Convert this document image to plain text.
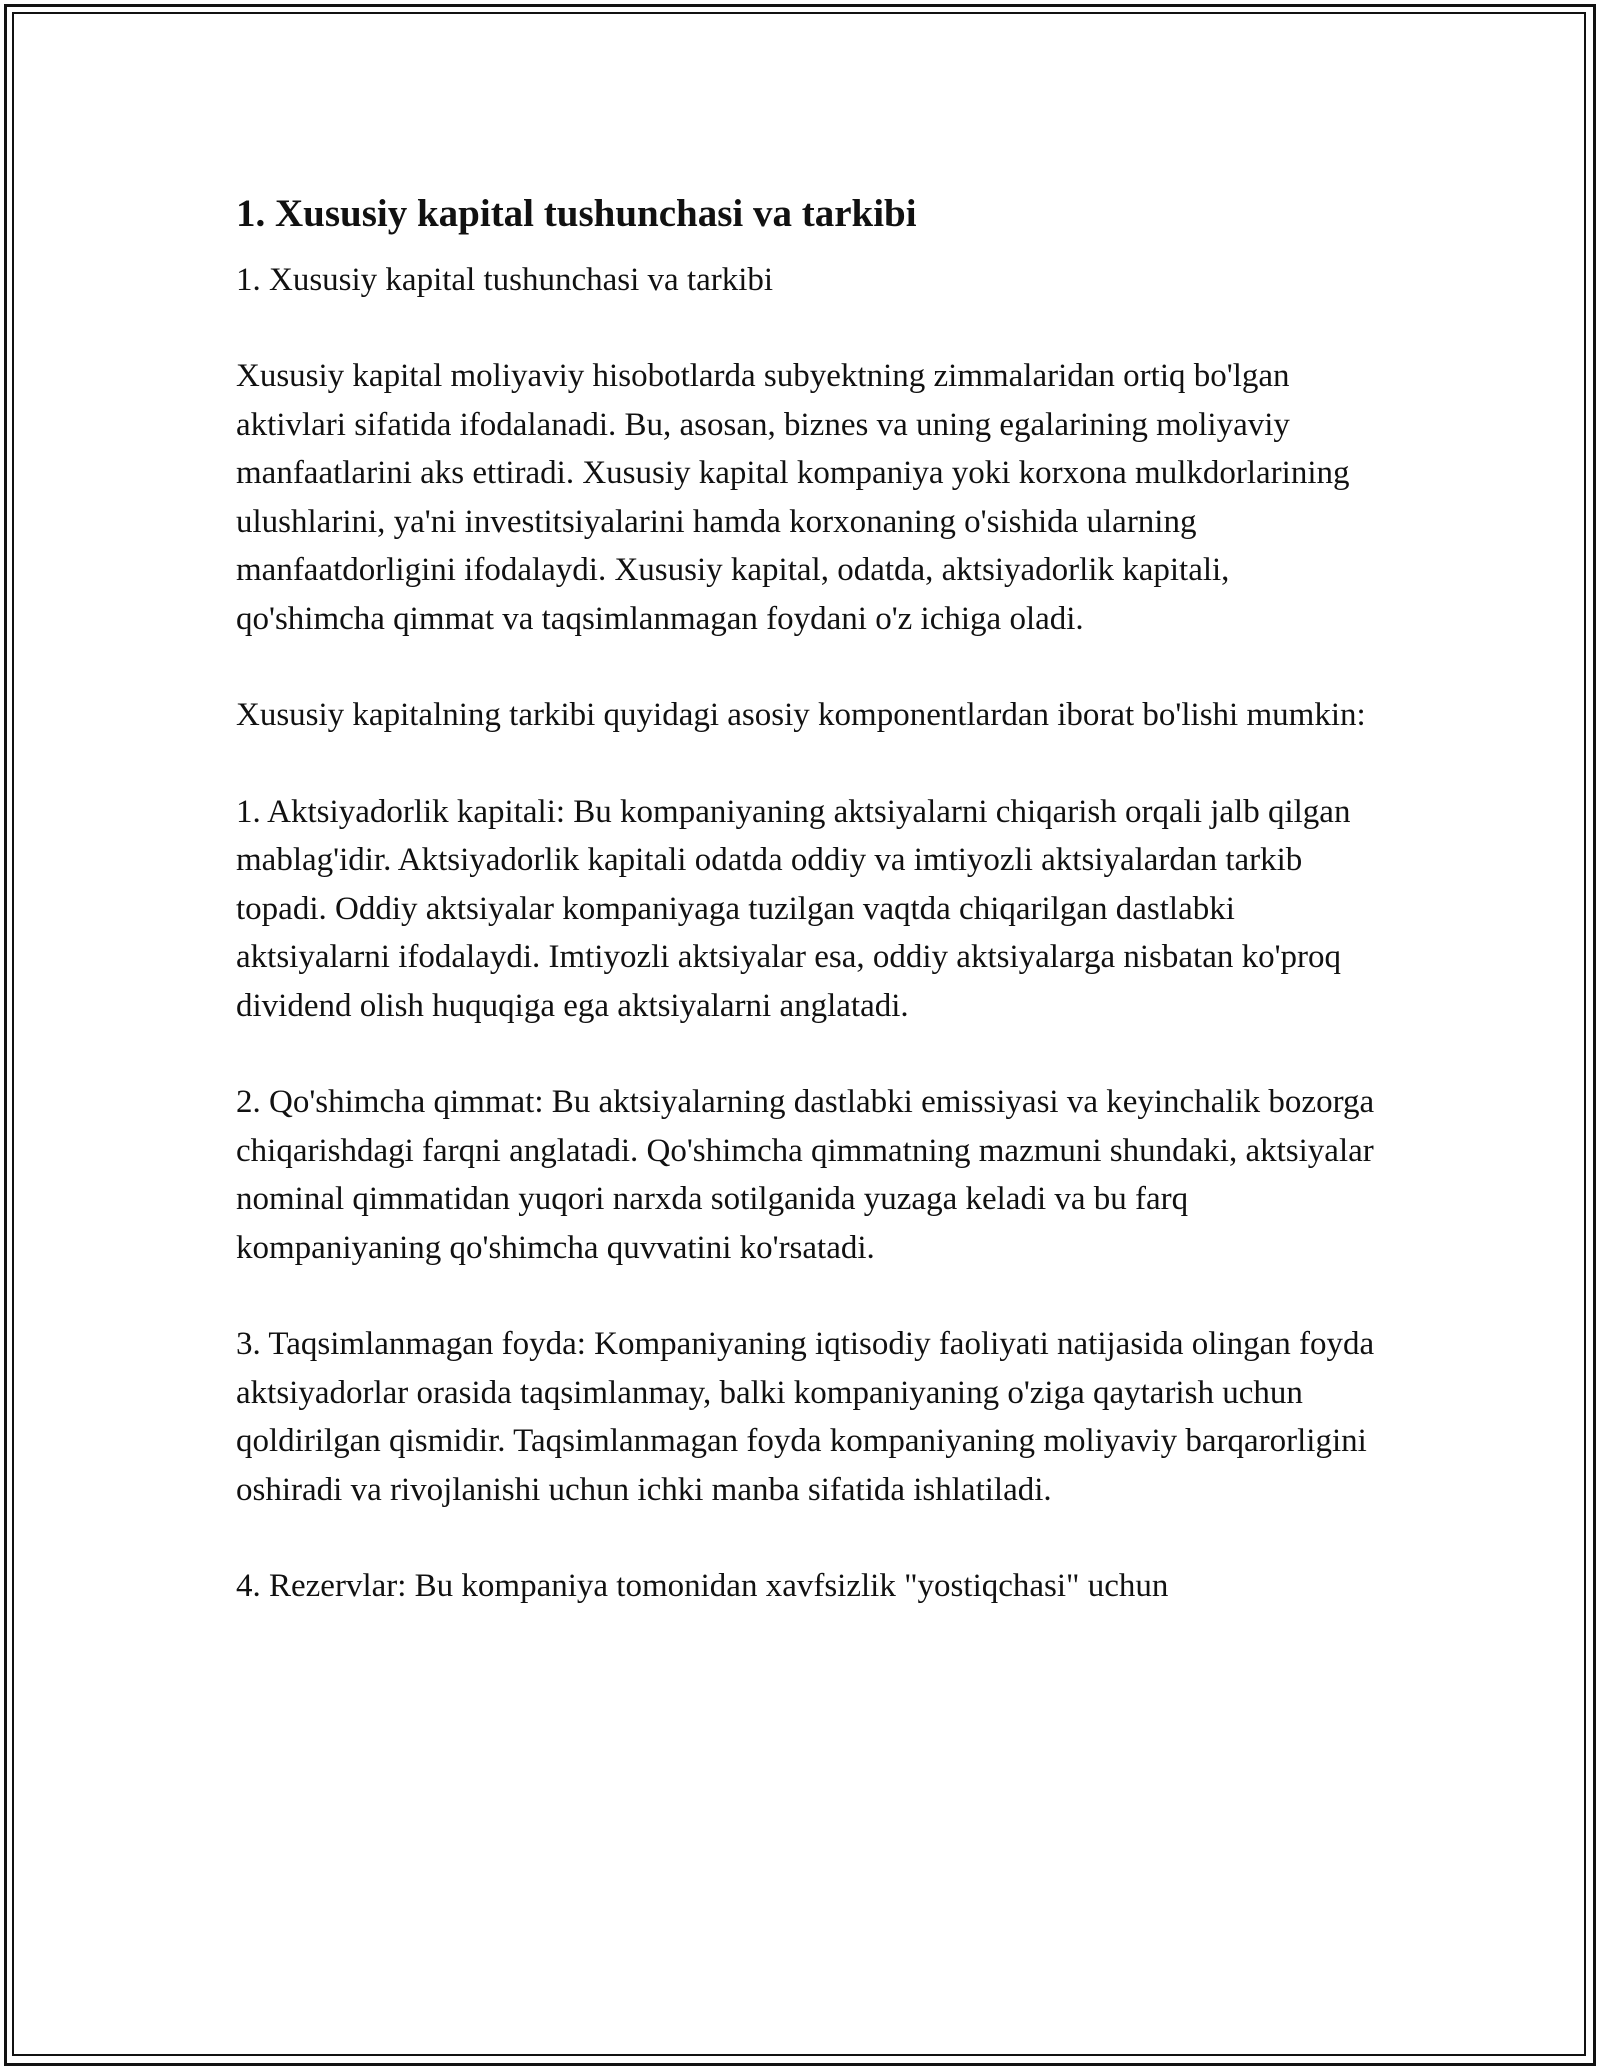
1. Xususiy kapital tushunchasi va tarkibi

1. Xususiy kapital tushunchasi va tarkibi

Xususiy kapital moliyaviy hisobotlarda subyektning zimmalaridan ortiq bo'lgan aktivlari sifatida ifodalanadi. Bu, asosan, biznes va uning egalarining moliyaviy manfaatlarini aks ettiradi. Xususiy kapital kompaniya yoki korxona mulkdorlarining ulushlarini, ya'ni investitsiyalarini hamda korxonaning o'sishida ularning manfaatdorligini ifodalaydi. Xususiy kapital, odatda, aktsiyadorlik kapitali, qo'shimcha qimmat va taqsimlanmagan foydani o'z ichiga oladi.

Xususiy kapitalning tarkibi quyidagi asosiy komponentlardan iborat bo'lishi mumkin:

1. Aktsiyadorlik kapitali: Bu kompaniyaning aktsiyalarni chiqarish orqali jalb qilgan mablag'idir. Aktsiyadorlik kapitali odatda oddiy va imtiyozli aktsiyalardan tarkib topadi. Oddiy aktsiyalar kompaniyaga tuzilgan vaqtda chiqarilgan dastlabki aktsiyalarni ifodalaydi. Imtiyozli aktsiyalar esa, oddiy aktsiyalarga nisbatan ko'proq dividend olish huquqiga ega aktsiyalarni anglatadi.

2. Qo'shimcha qimmat: Bu aktsiyalarning dastlabki emissiyasi va keyinchalik bozorga chiqarishdagi farqni anglatadi. Qo'shimcha qimmatning mazmuni shundaki, aktsiyalar nominal qimmatidan yuqori narxda sotilganida yuzaga keladi va bu farq kompaniyaning qo'shimcha quvvatini ko'rsatadi.

3. Taqsimlanmagan foyda: Kompaniyaning iqtisodiy faoliyati natijasida olingan foyda aktsiyadorlar orasida taqsimlanmay, balki kompaniyaning o'ziga qaytarish uchun qoldirilgan qismidir. Taqsimlanmagan foyda kompaniyaning moliyaviy barqarorligini oshiradi va rivojlanishi uchun ichki manba sifatida ishlatiladi.

4. Rezervlar: Bu kompaniya tomonidan xavfsizlik "yostiqchasi" uchun
